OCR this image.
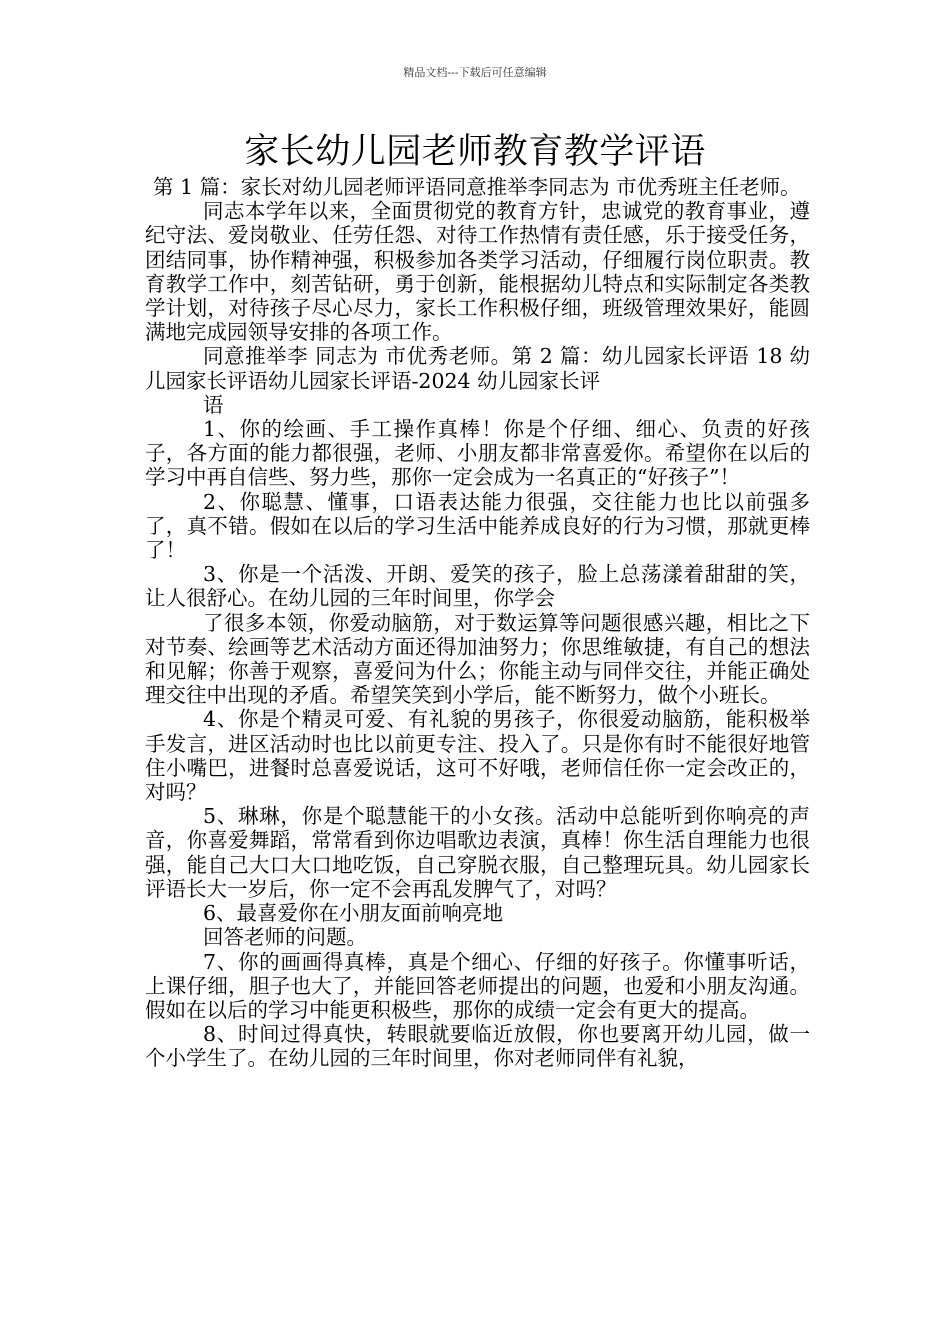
精品文档---下载后可任意编辑
家长幼儿园老师教育教学评语

第 1 篇：家长对幼儿园老师评语同意推举李同志为 市优秀班主任老师。

同志本学年以来，全面贯彻党的教育方针，忠诚党的教育事业，遵纪守法、爱岗敬业、任劳任怨、对待工作热情有责任感，乐于接受任务，团结同事，协作精神强，积极参加各类学习活动，仔细履行岗位职责。教育教学工作中，刻苦钻研，勇于创新，能根据幼儿特点和实际制定各类教学计划，对待孩子尽心尽力，家长工作积极仔细，班级管理效果好，能圆满地完成园领导安排的各项工作。

同意推举李 同志为 市优秀老师。第 2 篇：幼儿园家长评语 18 幼儿园家长评语幼儿园家长评语-2024 幼儿园家长评

语

1、你的绘画、手工操作真棒！你是个仔细、细心、负责的好孩子，各方面的能力都很强，老师、小朋友都非常喜爱你。希望你在以后的学习中再自信些、努力些，那你一定会成为一名真正的“好孩子”！

2、你聪慧、懂事，口语表达能力很强，交往能力也比以前强多了，真不错。假如在以后的学习生活中能养成良好的行为习惯，那就更棒了！

3、你是一个活泼、开朗、爱笑的孩子，脸上总荡漾着甜甜的笑，让人很舒心。在幼儿园的三年时间里，你学会

了很多本领，你爱动脑筋，对于数运算等问题很感兴趣，相比之下对节奏、绘画等艺术活动方面还得加油努力；你思维敏捷，有自己的想法和见解；你善于观察，喜爱问为什么；你能主动与同伴交往，并能正确处理交往中出现的矛盾。希望笑笑到小学后，能不断努力，做个小班长。

4、你是个精灵可爱、有礼貌的男孩子，你很爱动脑筋，能积极举手发言，进区活动时也比以前更专注、投入了。只是你有时不能很好地管住小嘴巴，进餐时总喜爱说话，这可不好哦，老师信任你一定会改正的，对吗？

5、琳琳，你是个聪慧能干的小女孩。活动中总能听到你响亮的声音，你喜爱舞蹈，常常看到你边唱歌边表演，真棒！你生活自理能力也很强，能自己大口大口地吃饭，自己穿脱衣服，自己整理玩具。幼儿园家长评语长大一岁后，你一定不会再乱发脾气了，对吗？

6、最喜爱你在小朋友面前响亮地

回答老师的问题。

7、你的画画得真棒，真是个细心、仔细的好孩子。你懂事听话，上课仔细，胆子也大了，并能回答老师提出的问题，也爱和小朋友沟通。假如在以后的学习中能更积极些，那你的成绩一定会有更大的提高。

8、时间过得真快，转眼就要临近放假，你也要离开幼儿园，做一个小学生了。在幼儿园的三年时间里，你对老师同伴有礼貌，
